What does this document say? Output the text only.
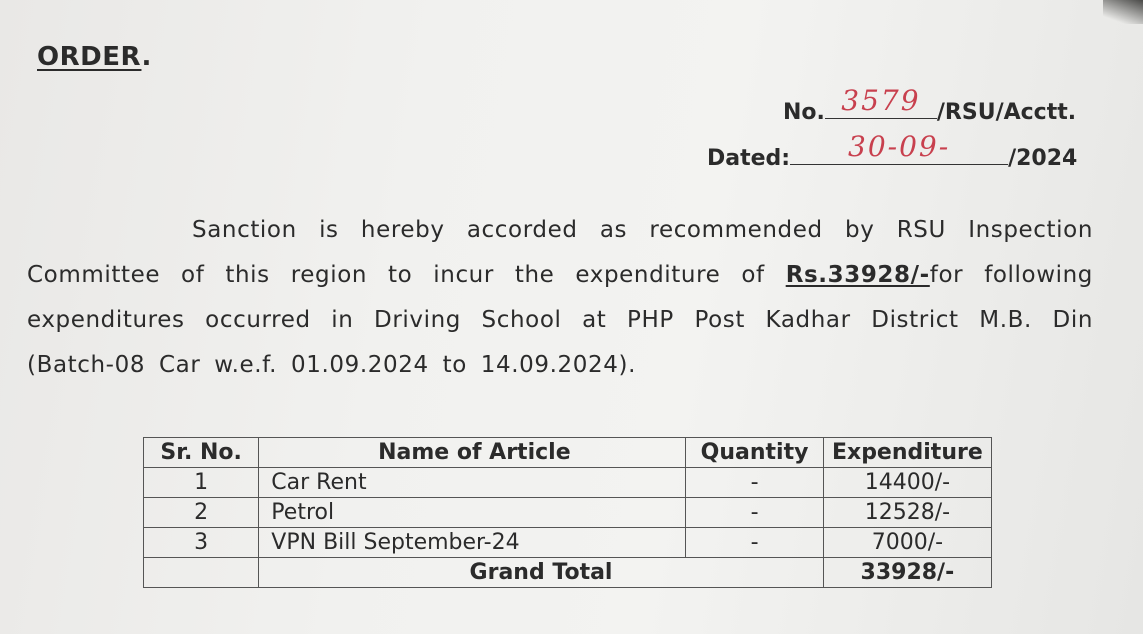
ORDER.
No. 3579 /RSU/Acctt.
Dated:	30-09-	/2024
Sanction is hereby accorded as recommended by RSU Inspection Committee of this region to incur the expenditure of Rs.33928/-for following expenditures occurred in Driving School at PHP Post Kadhar District M.B. Din (Batch-08 Car w.e.f. 01.09.2024 to 14.09.2024).
Sr. No.	Name of Article	Quantity	Expenditure
1	Car Rent	-	14400/-
2	Petrol	-	12528/-
3	VPN Bill September-24	-	7000/-
	Grand Total		33928/-
